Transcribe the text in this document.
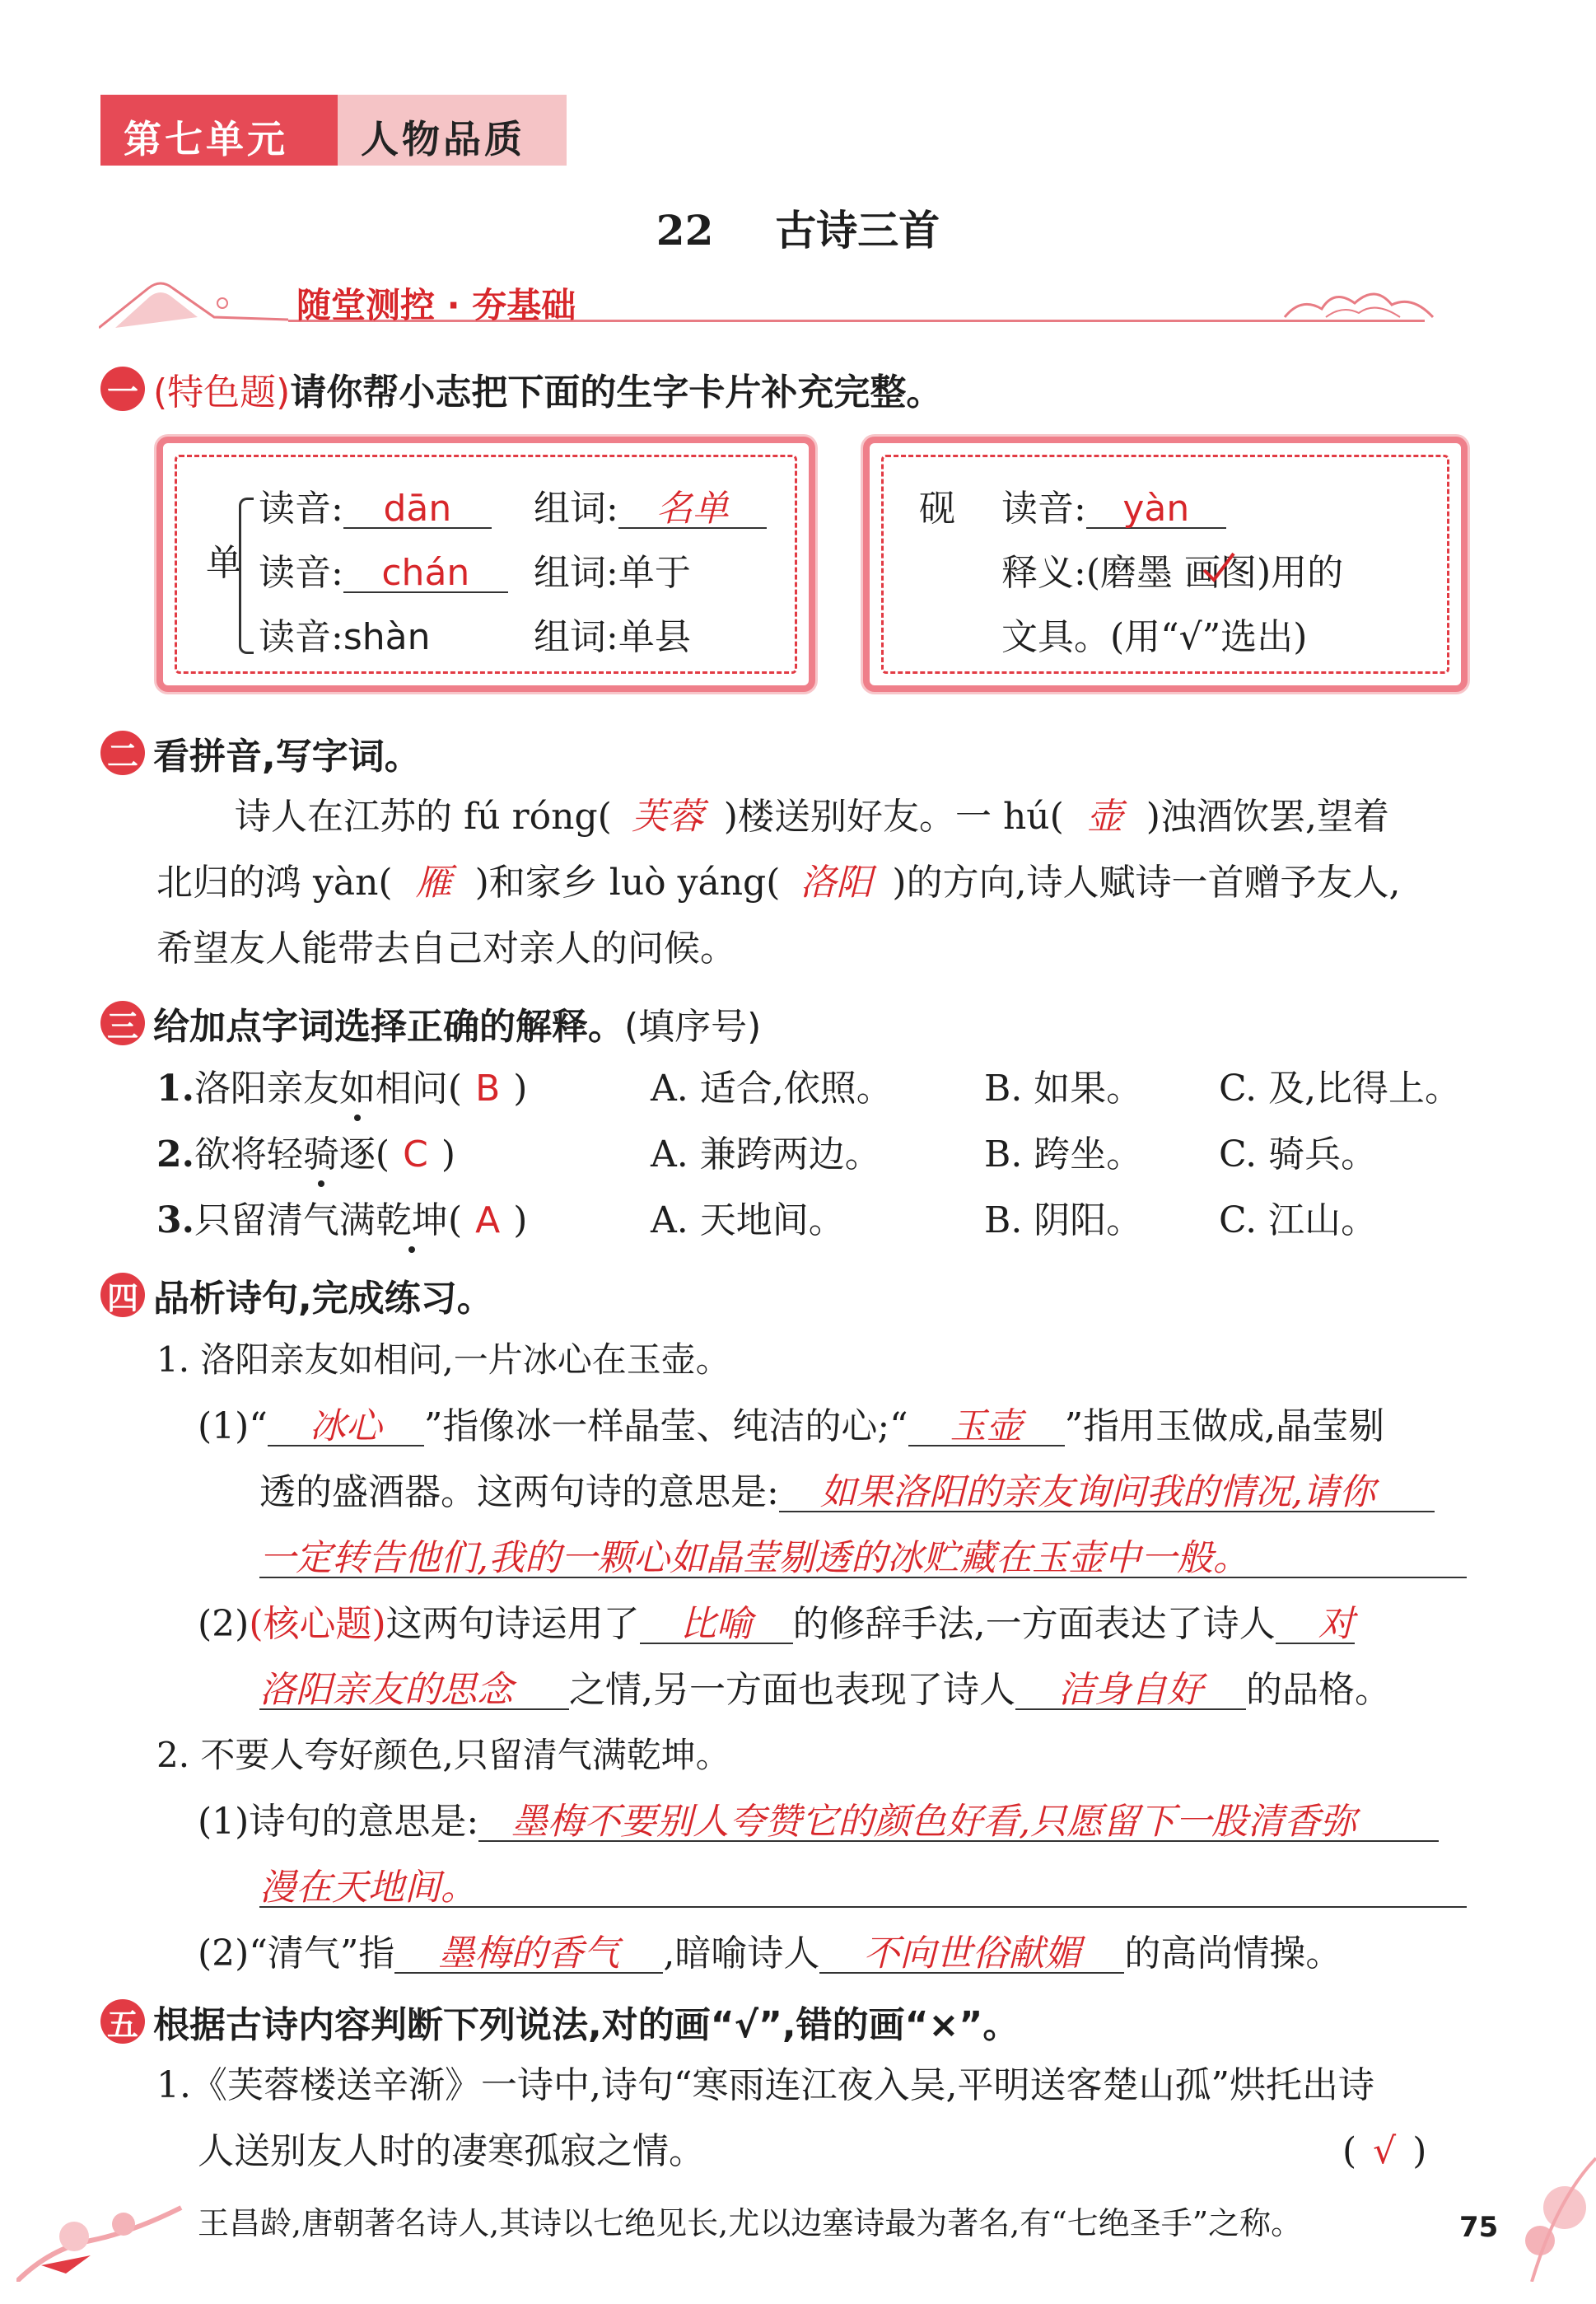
第七单元	人物品质
22 古诗三首
随堂测控 · 夯基础
一 (特色题) 请你帮小志把下面的生字卡片补充完整。
单
读音: dān	组词: 名单
读音: chán	组词:单于
读音:shàn	组词:单县
砚 读音: yàn
释义:(磨墨 画图)用的
文具。(用“√”选出)
二 看拼音,写字词。
诗人在江苏的 fú róng( 芙蓉 )楼送别好友。一 hú( 壶 )浊酒饮罢,望着
北归的鸿 yàn( 雁 )和家乡 luò yáng( 洛阳 )的方向,诗人赋诗一首赠予友人,
希望友人能带去自己对亲人的问候。
三 给加点字词选择正确的解释。 (填序号)
1.洛阳亲友如相问( B )	A. 适合,依照。	B. 如果。 C. 及,比得上。
2.欲将轻骑逐( C )	A. 兼跨两边。	B. 跨坐。 C. 骑兵。
3.只留清气满乾坤( A )	A. 天地间。	B. 阴阳。 C. 江山。
四 品析诗句,完成练习。
1. 洛阳亲友如相问,一片冰心在玉壶。
(1)“ 冰心 ”指像冰一样晶莹、纯洁的心;“ 玉壶 ”指用玉做成,晶莹剔
透的盛酒器。这两句诗的意思是: 如果洛阳的亲友询问我的情况,请你
一定转告他们,我的一颗心如晶莹剔透的冰贮藏在玉壶中一般。
(2)(核心题)这两句诗运用了 比喻 的修辞手法,一方面表达了诗人 对
洛阳亲友的思念 之情,另一方面也表现了诗人 洁身自好 的品格。
2. 不要人夸好颜色,只留清气满乾坤。
(1)诗句的意思是: 墨梅不要别人夸赞它的颜色好看,只愿留下一股清香弥
漫在天地间。
(2)“清气”指 墨梅的香气 ,暗喻诗人 不向世俗献媚 的高尚情操。
五 根据古诗内容判断下列说法,对的画“√”,错的画“×”。
1.《芙蓉楼送辛渐》一诗中,诗句“寒雨连江夜入吴,平明送客楚山孤”烘托出诗
人送别友人时的凄寒孤寂之情。	( √ )
王昌龄,唐朝著名诗人,其诗以七绝见长,尤以边塞诗最为著名,有“七绝圣手”之称。	75
